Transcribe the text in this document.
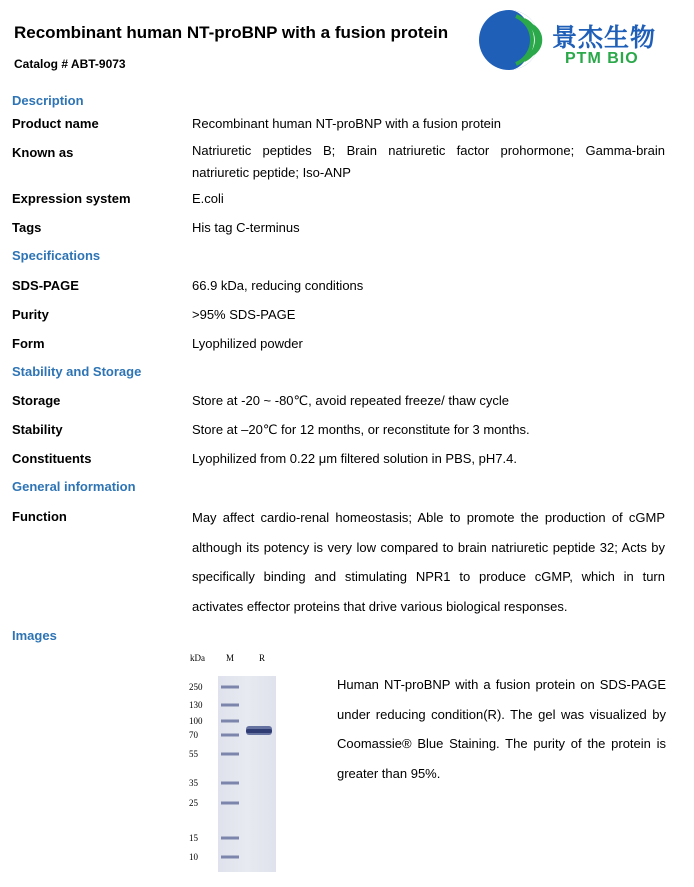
Recombinant human NT-proBNP with a fusion protein
Catalog # ABT-9073
景杰生物
PTM BIO
Description
Product name	Recombinant human NT-proBNP with a fusion protein
Known as	Natriuretic peptides B; Brain natriuretic factor prohormone; Gamma-brain natriuretic peptide; Iso-ANP
Expression system	E.coli
Tags	His tag C-terminus
Specifications
SDS-PAGE	66.9 kDa, reducing conditions
Purity	>95% SDS-PAGE
Form	Lyophilized powder
Stability and Storage
Storage	Store at -20 ~ -80℃, avoid repeated freeze/ thaw cycle
Stability	Store at –20℃ for 12 months, or reconstitute for 3 months.
Constituents	Lyophilized from 0.22 μm filtered solution in PBS, pH7.4.
General information
Function	May affect cardio-renal homeostasis; Able to promote the production of cGMP although its potency is very low compared to brain natriuretic peptide 32; Acts by specifically binding and stimulating NPR1 to produce cGMP, which in turn activates effector proteins that drive various biological responses.
Images
kDa M	R
250
130
100
70
55
35
25
15
10
Human NT-proBNP with a fusion protein on SDS-PAGE under reducing condition(R). The gel was visualized by Coomassie® Blue Staining. The purity of the protein is greater than 95%.
